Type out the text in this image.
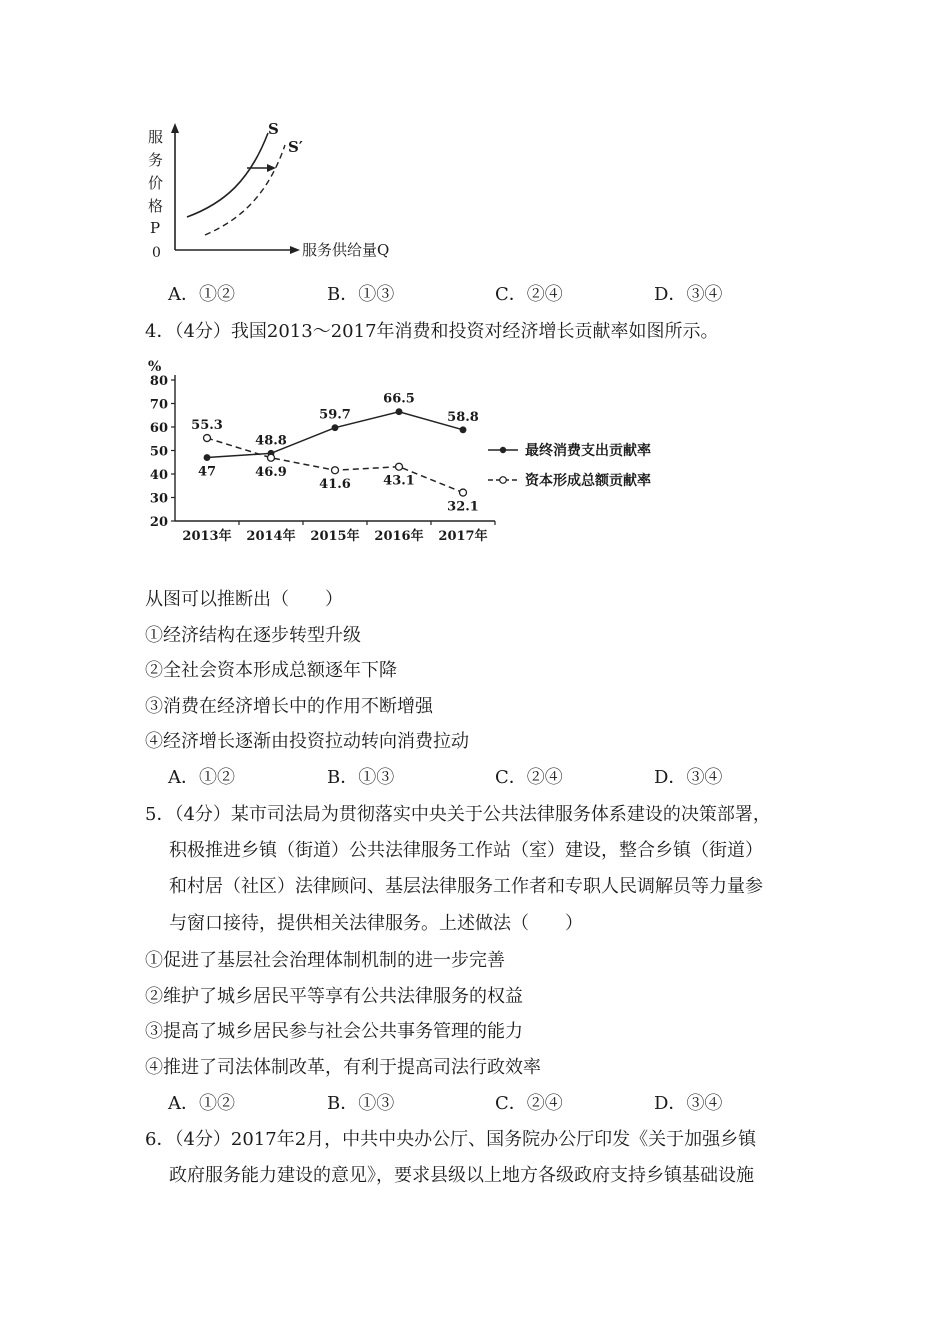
服
务
价
格
P
0	服务供给量Q
S
S′
A．①②	B．①③	C．②④	D．③④
4．（4分）我国2013～2017年消费和投资对经济增长贡献率如图所示。
%
20
30
40
50
60
70
80
2013年 2014年 2015年 2016年 2017年
47
48.8
59.7
66.5
58.8
55.3
46.9
41.6 43.1
32.1
最终消费支出贡献率
资本形成总额贡献率
从图可以推断出（　　）
①经济结构在逐步转型升级
②全社会资本形成总额逐年下降
③消费在经济增长中的作用不断增强
④经济增长逐渐由投资拉动转向消费拉动
A．①②	B．①③	C．②④	D．③④
5．（4分）某市司法局为贯彻落实中央关于公共法律服务体系建设的决策部署，
积极推进乡镇（街道）公共法律服务工作站（室）建设，整合乡镇（街道）
和村居（社区）法律顾问、基层法律服务工作者和专职人民调解员等力量参
与窗口接待，提供相关法律服务。上述做法（　　）
①促进了基层社会治理体制机制的进一步完善
②维护了城乡居民平等享有公共法律服务的权益
③提高了城乡居民参与社会公共事务管理的能力
④推进了司法体制改革，有利于提高司法行政效率
A．①②	B．①③	C．②④	D．③④
6．（4分）2017年2月，中共中央办公厅、国务院办公厅印发《关于加强乡镇
政府服务能力建设的意见》，要求县级以上地方各级政府支持乡镇基础设施
